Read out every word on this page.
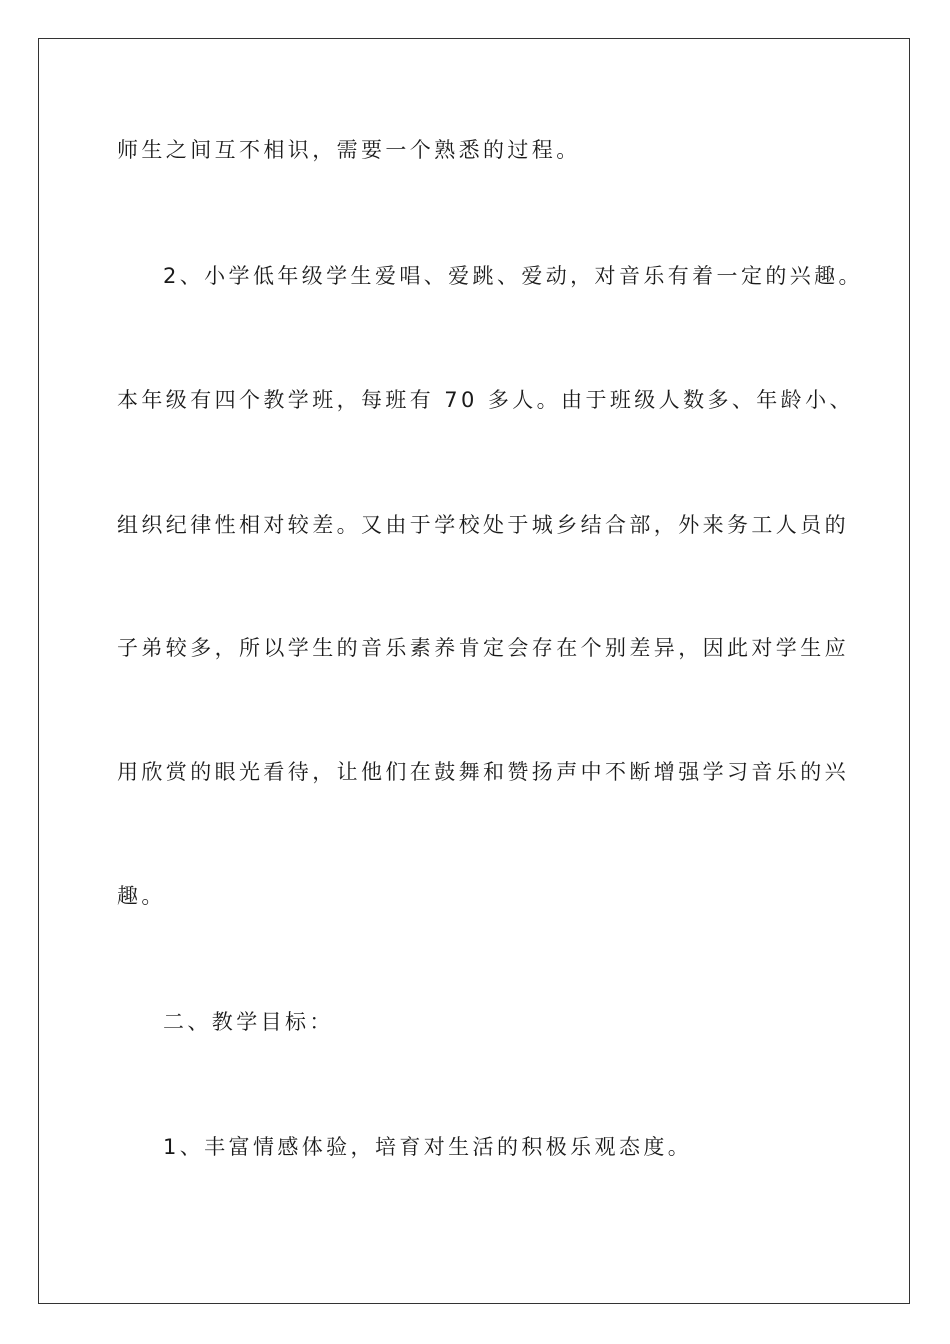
师生之间互不相识，需要一个熟悉的过程。
2、小学低年级学生爱唱、爱跳、爱动，对音乐有着一定的兴趣。
本年级有四个教学班，每班有 70 多人。由于班级人数多、年龄小、
组织纪律性相对较差。又由于学校处于城乡结合部，外来务工人员的
子弟较多，所以学生的音乐素养肯定会存在个别差异，因此对学生应
用欣赏的眼光看待，让他们在鼓舞和赞扬声中不断增强学习音乐的兴
趣。
二、教学目标：
1、丰富情感体验，培育对生活的积极乐观态度。
